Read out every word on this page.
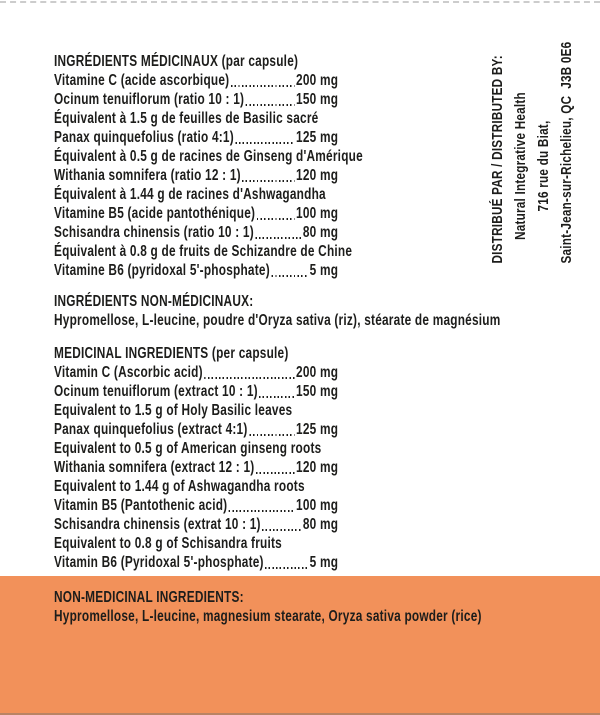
INGRÉDIENTS MÉDICINAUX (par capsule)
Vitamine C (acide ascorbique)	200 mg
Ocinum tenuiflorum (ratio 10 : 1)	150 mg
Équivalent à 1.5 g de feuilles de Basilic sacré
Panax quinquefolius (ratio 4:1)	125 mg
Équivalent à 0.5 g de racines de Ginseng d'Amérique
Withania somnifera (ratio 12 : 1)	120 mg
Équivalent à 1.44 g de racines d'Ashwagandha
Vitamine B5 (acide pantothénique)	100 mg
Schisandra chinensis (ratio 10 : 1)	80 mg
Équivalent à 0.8 g de fruits de Schizandre de Chine
Vitamine B6 (pyridoxal 5'-phosphate) 5 mg
INGRÉDIENTS NON-MÉDICINAUX:

Hypromellose, L-leucine, poudre d'Oryza sativa (riz), stéarate de magnésium

MEDICINAL INGREDIENTS (per capsule)
Vitamin C (Ascorbic acid)	200 mg
Ocinum tenuiflorum (extract 10 : 1) 150 mg
Equivalent to 1.5 g of Holy Basilic leaves
Panax quinquefolius (extract 4:1)	125 mg
Equivalent to 0.5 g of American ginseng roots
Withania somnifera (extract 12 : 1)	120 mg
Equivalent to 1.44 g of Ashwagandha roots
Vitamin B5 (Pantothenic acid)	100 mg
Schisandra chinensis (extrat 10 : 1)	80 mg
Equivalent to 0.8 g of Schisandra fruits
Vitamin B6 (Pyridoxal 5'-phosphate)	5 mg
DISTRIBUÉ PAR / DISTRIBUTED BY: Natural Integrative Health 716 rue du Biat, Saint-Jean-sur-Richelieu, QC  J3B 0E6
NON-MEDICINAL INGREDIENTS:

Hypromellose, L-leucine, magnesium stearate, Oryza sativa powder (rice)
